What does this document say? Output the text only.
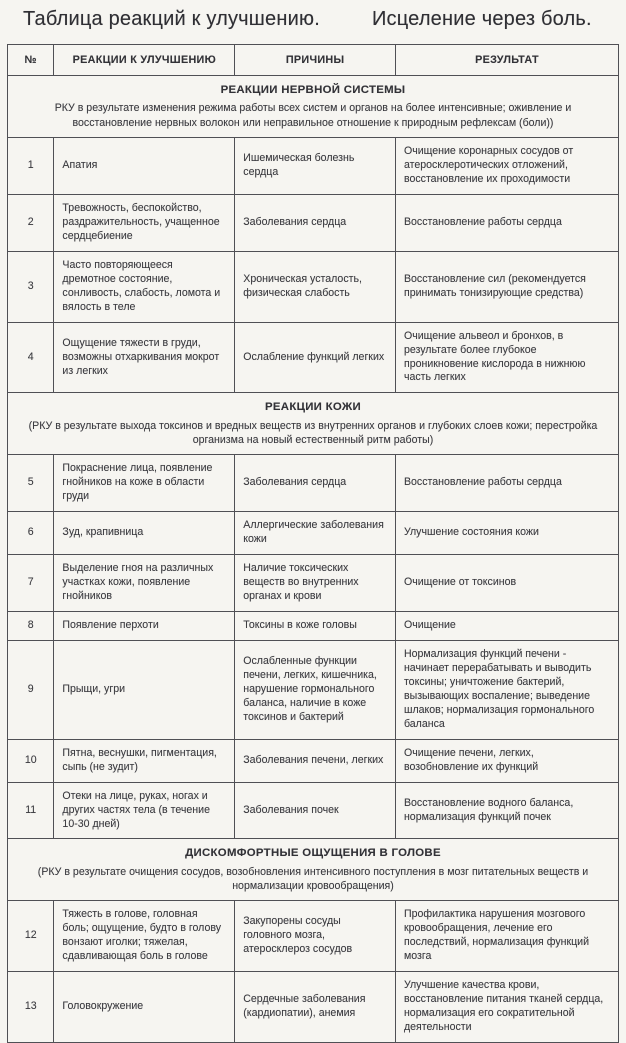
Таблица реакций к улучшению.	Исцеление через боль.
№	РЕАКЦИИ К УЛУЧШЕНИЮ	ПРИЧИНЫ	РЕЗУЛЬТАТ

РЕАКЦИИ НЕРВНОЙ СИСТЕМЫ
РКУ в результате изменения режима работы всех систем и органов на более интенсивные; оживление и восстановление нервных волокон или неправильное отношение к природным рефлексам (боли))			

1	Апатия	Ишемическая болезнь сердца	Очищение коронарных сосудов от атеросклеротических отложений, восстановление их проходимости
2	Тревожность, беспокойство, раздражительность, учащенное сердцебиение	Заболевания сердца	Восстановление работы сердца
3	Часто повторяющееся дремотное состояние, сонливость, слабость, ломота и вялость в теле	Хроническая усталость, физическая слабость	Восстановление сил (рекомендуется принимать тонизирующие средства)
4	Ощущение тяжести в груди, возможны отхаркивания мокрот из легких	Ослабление функций легких	Очищение альвеол и бронхов, в результате более глубокое проникновение кислорода в нижнюю часть легких

РЕАКЦИИ КОЖИ
(РКУ в результате выхода токсинов и вредных веществ из внутренних органов и глубоких слоев кожи; перестройка организма на новый естественный ритм работы)			

5	Покраснение лица, появление гнойников на коже в области груди	Заболевания сердца	Восстановление работы сердца
6	Зуд, крапивница	Аллергические заболевания кожи	Улучшение состояния кожи
7	Выделение гноя на различных участках кожи, появление гнойников	Наличие токсических веществ во внутренних органах и крови	Очищение от токсинов
8	Появление перхоти	Токсины в коже головы	Очищение
9	Прыщи, угри	Ослабленные функции печени, легких, кишечника, нарушение гормонального баланса, наличие в коже токсинов и бактерий	Нормализация функций печени - начинает перерабатывать и выводить токсины; уничтожение бактерий, вызывающих воспаление; выведение шлаков; нормализация гормонального баланса
10	Пятна, веснушки, пигментация, сыпь (не зудит)	Заболевания печени, легких	Очищение печени, легких, возобновление их функций
11	Отеки на лице, руках, ногах и других частях тела (в течение 10-30 дней)	Заболевания почек	Восстановление водного баланса, нормализация функций почек

ДИСКОМФОРТНЫЕ ОЩУЩЕНИЯ В ГОЛОВЕ
(РКУ в результате очищения сосудов, возобновления интенсивного поступления в мозг питательных веществ и нормализации кровообращения)			

12	Тяжесть в голове, головная боль; ощущение, будто в голову вонзают иголки; тяжелая, сдавливающая боль в голове	Закупорены сосуды головного мозга, атеросклероз сосудов	Профилактика нарушения мозгового кровообращения, лечение его последствий, нормализация функций мозга
13	Головокружение	Сердечные заболевания (кардиопатии), анемия	Улучшение качества крови, восстановление питания тканей сердца, нормализация его сократительной деятельности
